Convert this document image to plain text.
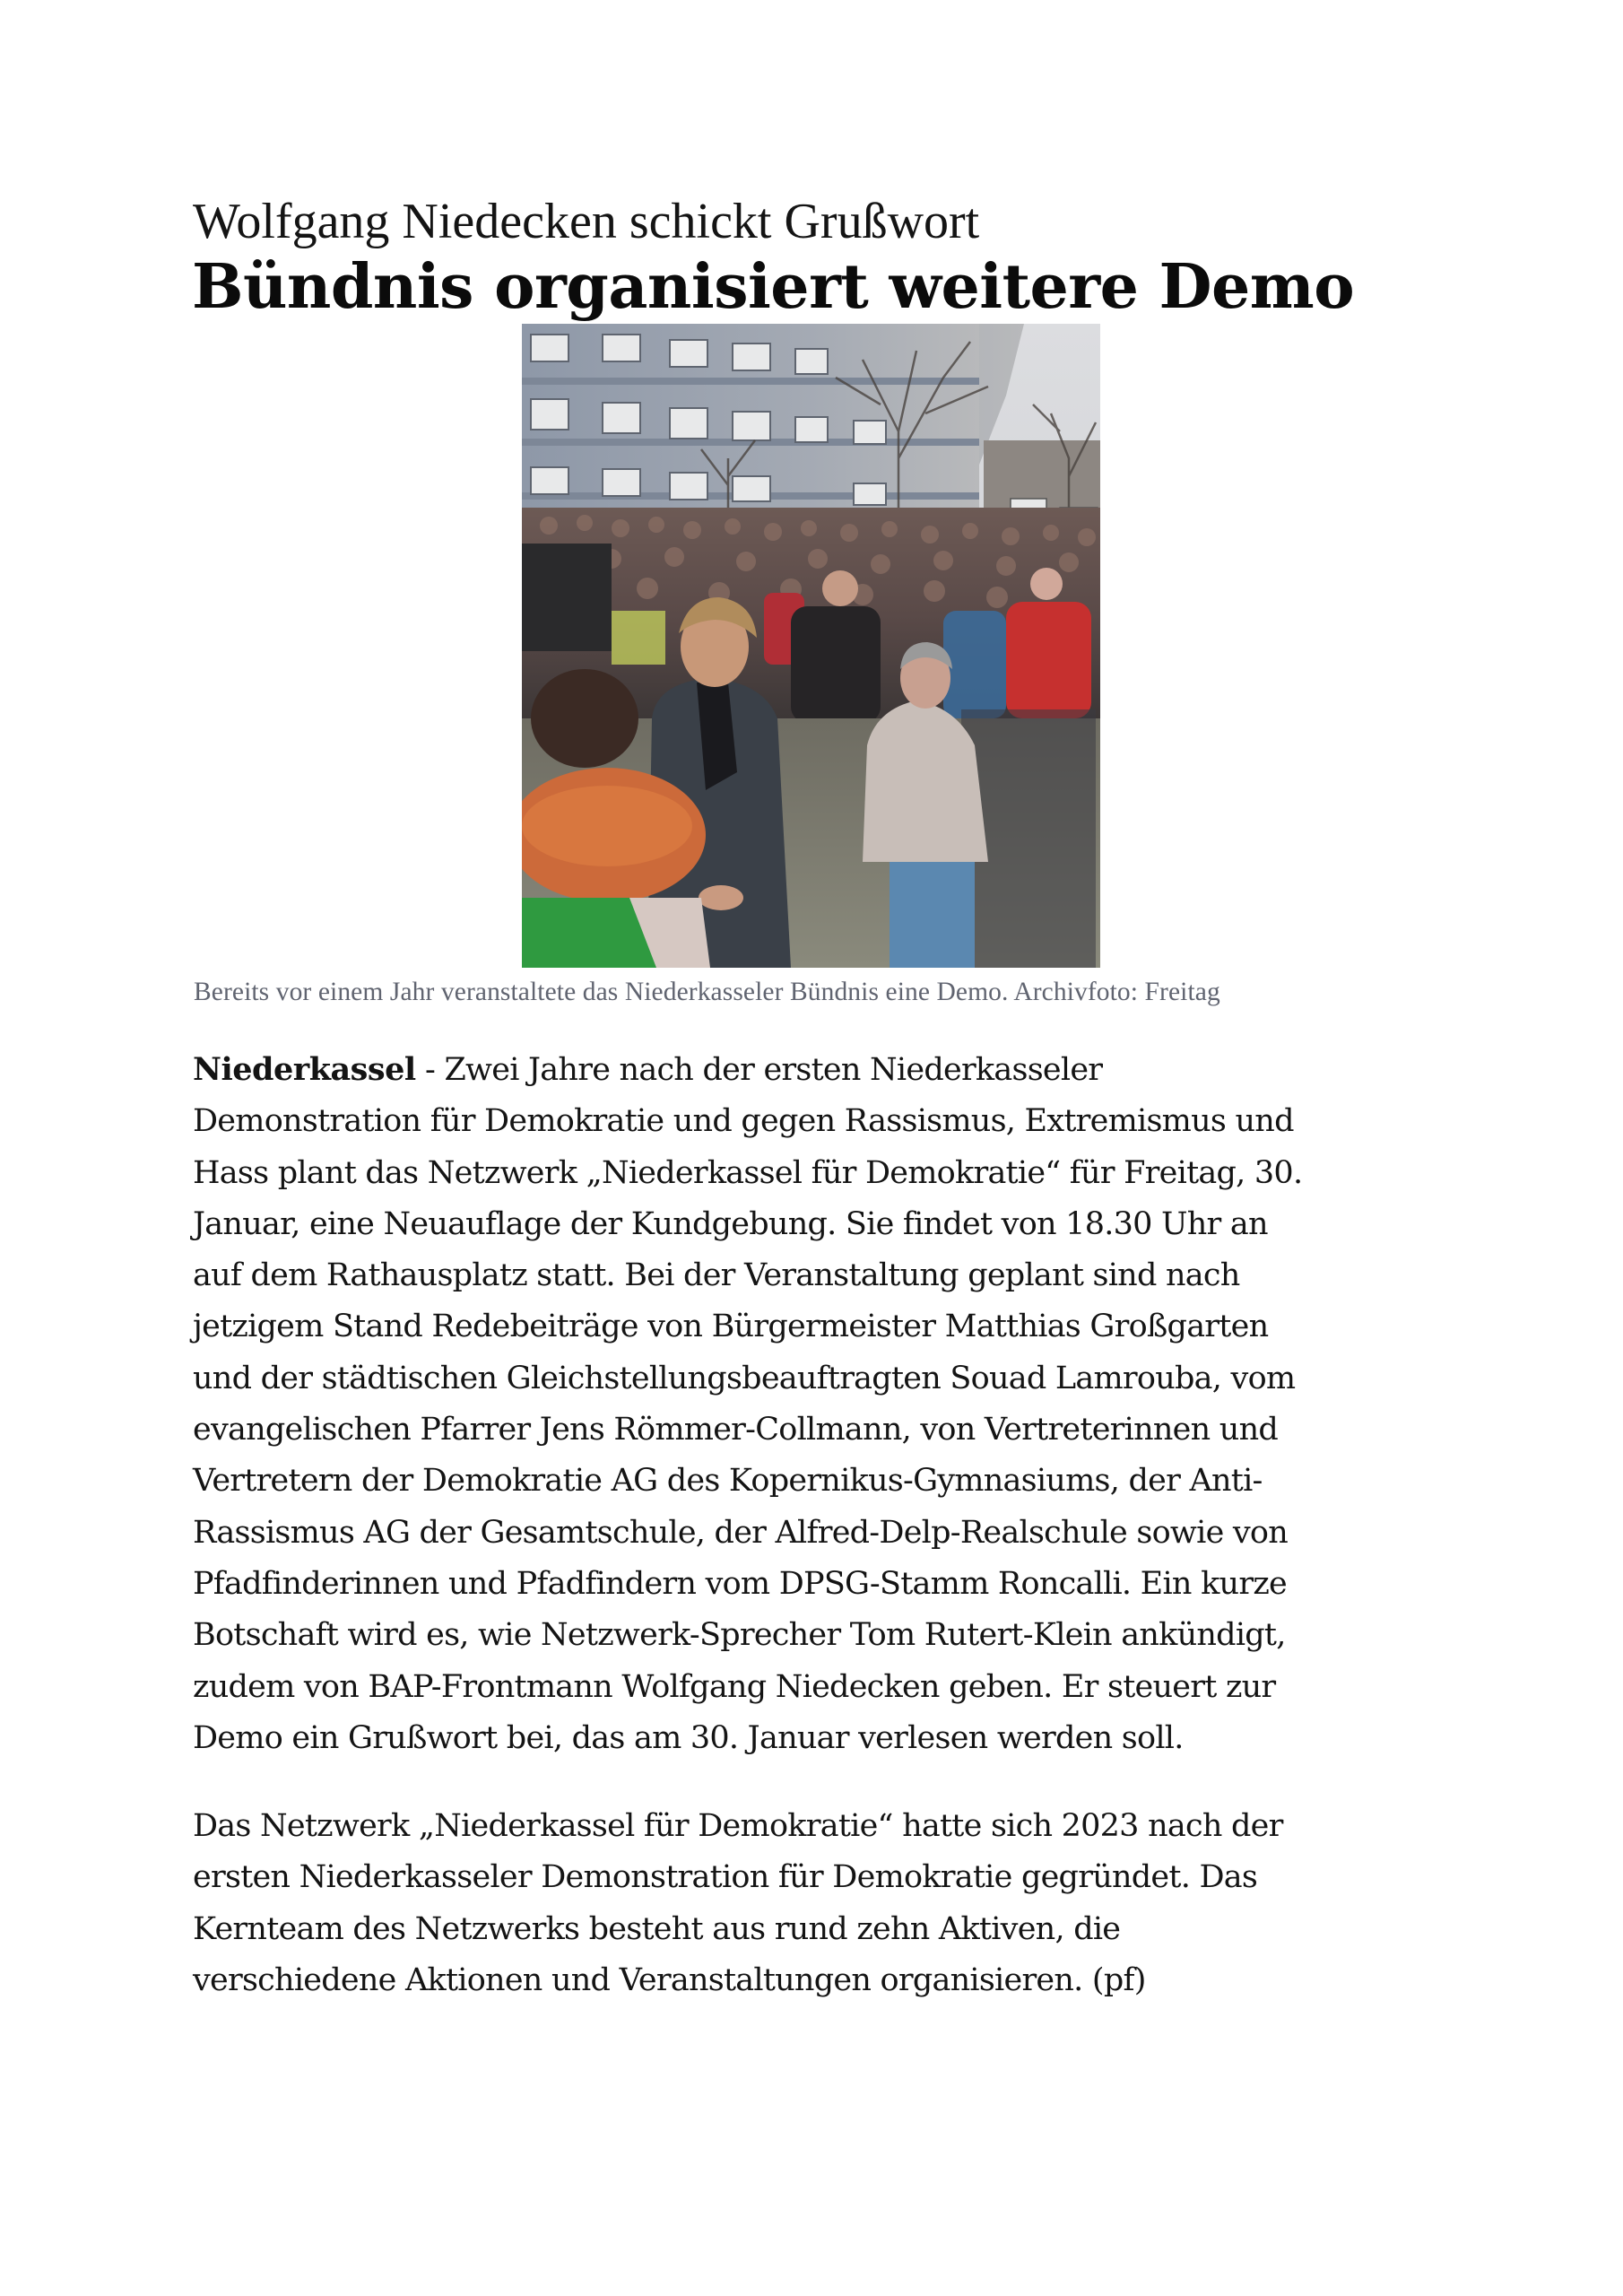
Wolfgang Niedecken schickt Grußwort
Bündnis organisiert weitere Demo
Bereits vor einem Jahr veranstaltete das Niederkasseler Bündnis eine Demo. Archivfoto: Freitag
Niederkassel - Zwei Jahre nach der ersten Niederkasseler
Demonstration für Demokratie und gegen Rassismus, Extremismus und
Hass plant das Netzwerk „Niederkassel für Demokratie“ für Freitag, 30.
Januar, eine Neuauflage der Kundgebung. Sie findet von 18.30 Uhr an
auf dem Rathausplatz statt. Bei der Veranstaltung geplant sind nach
jetzigem Stand Redebeiträge von Bürgermeister Matthias Großgarten
und der städtischen Gleichstellungsbeauftragten Souad Lamrouba, vom
evangelischen Pfarrer Jens Römmer-Collmann, von Vertreterinnen und
Vertretern der Demokratie AG des Kopernikus-Gymnasiums, der Anti-
Rassismus AG der Gesamtschule, der Alfred-Delp-Realschule sowie von
Pfadfinderinnen und Pfadfindern vom DPSG-Stamm Roncalli. Ein kurze
Botschaft wird es, wie Netzwerk-Sprecher Tom Rutert-Klein ankündigt,
zudem von BAP-Frontmann Wolfgang Niedecken geben. Er steuert zur
Demo ein Grußwort bei, das am 30. Januar verlesen werden soll.
Das Netzwerk „Niederkassel für Demokratie“ hatte sich 2023 nach der
ersten Niederkasseler Demonstration für Demokratie gegründet. Das
Kernteam des Netzwerks besteht aus rund zehn Aktiven, die
verschiedene Aktionen und Veranstaltungen organisieren. (pf)
